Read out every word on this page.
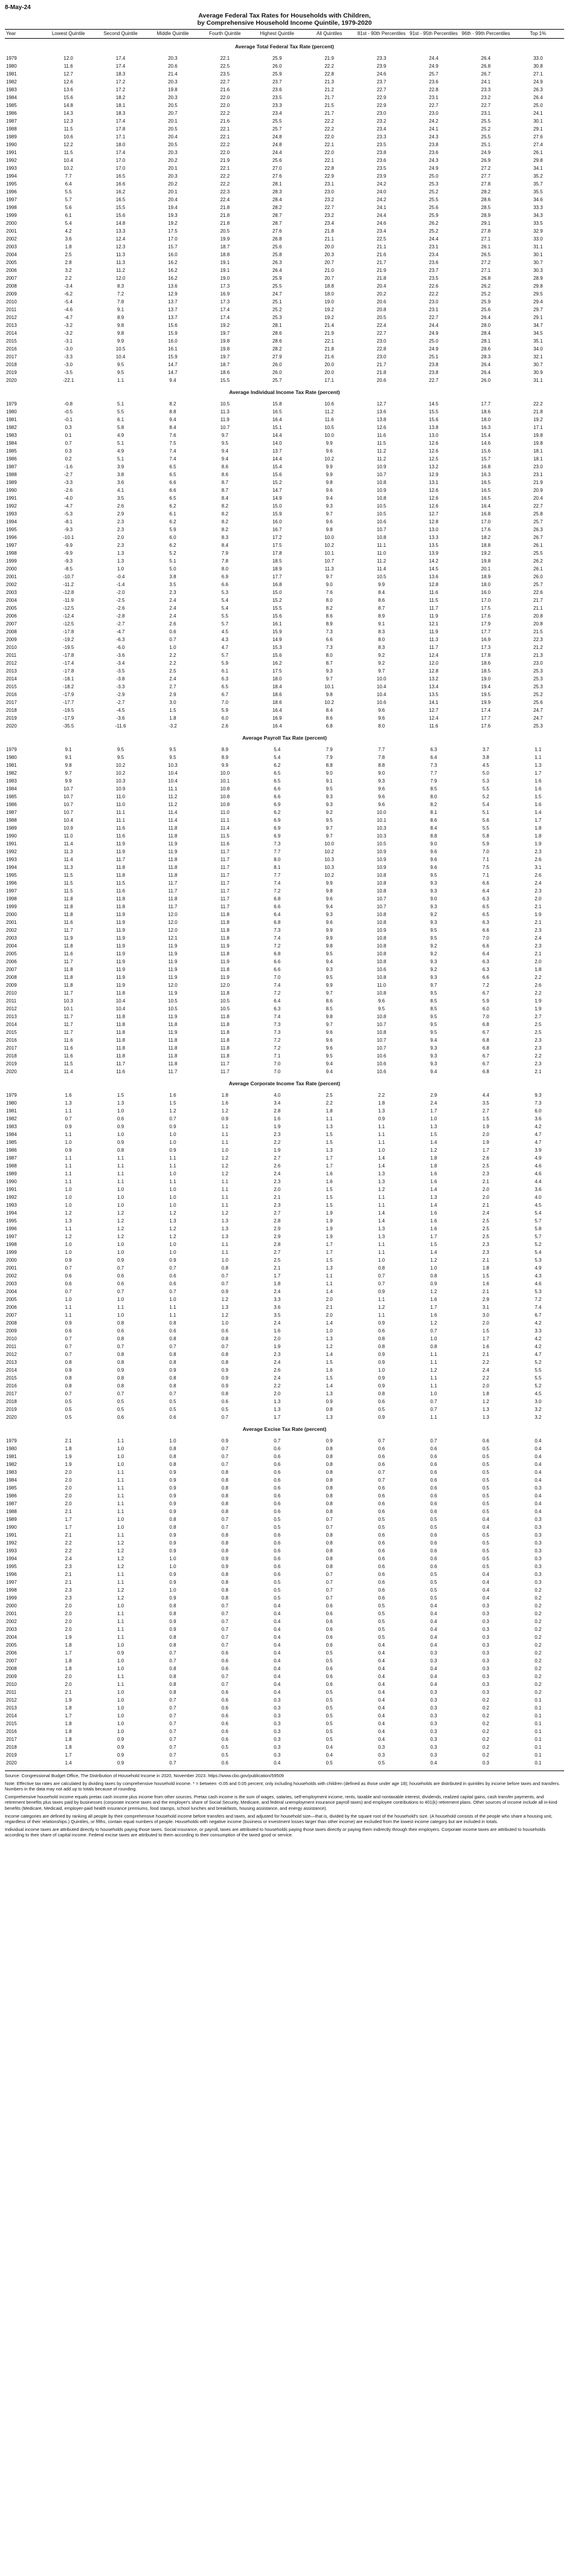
8-May-24
Average Federal Tax Rates for Households with Children,
by Comprehensive Household Income Quintile, 1979-2020
Year	Lowest Quintile	Second Quintile	Middle Quintile	Fourth Quintile	Highest Quintile	All Quintiles	81st - 90th Percentiles	91st - 95th Percentiles	96th - 99th Percentiles	Top 1%
Average Total Federal Tax Rate (percent)										
1979	12.0	17.4	20.3	22.1	25.9	21.9	23.3	24.4	26.4	33.0
1980	11.6	17.4	20.6	22.5	26.0	22.2	23.9	24.9	26.8	30.8
1981	12.7	18.3	21.4	23.5	25.9	22.8	24.6	25.7	26.7	27.1
1982	12.6	17.2	20.3	22.7	23.7	21.3	23.7	23.6	24.1	24.9
1983	13.6	17.2	19.8	21.6	23.6	21.2	22.7	22.8	23.3	26.3
1984	15.6	18.2	20.3	22.0	23.5	21.7	22.9	23.1	23.2	26.4
1985	14.8	18.1	20.5	22.0	23.3	21.5	22.9	22.7	22.7	25.0
1986	14.3	18.3	20.7	22.2	23.4	21.7	23.0	23.0	23.1	24.1
1987	12.3	17.4	20.1	21.6	25.5	22.2	23.2	24.2	25.5	30.1
1988	11.5	17.8	20.5	22.1	25.7	22.2	23.4	24.1	25.2	29.1
1989	10.6	17.1	20.4	22.1	24.8	22.0	23.3	24.3	25.5	27.6
1990	12.2	18.0	20.5	22.2	24.8	22.1	23.5	23.8	25.1	27.4
1991	11.5	17.4	20.3	22.0	24.4	22.0	23.8	23.6	24.9	26.1
1992	10.4	17.0	20.2	21.9	25.6	22.1	23.6	24.3	26.9	29.8
1993	10.2	17.0	20.1	22.1	27.0	22.8	23.5	24.9	27.2	34.1
1994	7.7	16.5	20.3	22.2	27.6	22.9	23.9	25.0	27.7	35.2
1995	6.4	16.6	20.2	22.2	28.1	23.1	24.2	25.3	27.8	35.7
1996	5.5	16.2	20.1	22.3	28.3	23.0	24.0	25.2	28.2	35.5
1997	5.7	16.5	20.4	22.4	28.4	23.2	24.2	25.5	28.6	34.6
1998	5.6	15.5	19.4	21.8	28.2	22.7	24.1	25.6	28.5	33.3
1999	6.1	15.6	19.3	21.8	28.7	23.2	24.4	25.9	28.9	34.3
2000	5.4	14.8	19.2	21.8	28.7	23.4	24.6	26.2	29.1	33.5
2001	4.2	13.3	17.5	20.5	27.6	21.8	23.4	25.2	27.8	32.9
2002	3.6	12.4	17.0	19.9	26.8	21.1	22.5	24.4	27.1	33.0
2003	1.8	12.3	15.7	18.7	25.6	20.0	21.1	23.1	26.1	31.1
2004	2.5	11.3	16.0	18.8	25.8	20.3	21.6	23.4	26.5	30.1
2005	2.8	11.3	16.2	19.1	26.3	20.7	21.7	23.6	27.2	30.7
2006	3.2	11.2	16.2	19.1	26.4	21.0	21.9	23.7	27.1	30.3
2007	2.2	12.0	16.2	19.0	25.9	20.7	21.8	23.5	26.8	28.9
2008	-3.4	8.3	13.6	17.3	25.5	18.8	20.4	22.6	26.2	29.8
2009	-6.2	7.2	12.9	16.9	24.7	18.0	20.2	22.2	25.2	29.5
2010	-5.4	7.8	13.7	17.3	25.1	19.0	20.6	23.0	25.9	29.4
2011	-4.6	9.1	13.7	17.4	25.2	19.2	20.8	23.1	25.6	29.7
2012	-4.7	8.9	13.7	17.4	25.3	19.2	20.5	22.7	26.4	29.1
2013	-3.2	9.8	15.6	19.2	28.1	21.4	22.4	24.4	28.0	34.7
2014	-3.2	9.8	15.9	19.7	28.6	21.9	22.7	24.9	28.4	34.5
2015	-3.1	9.9	16.0	19.8	28.6	22.1	23.0	25.0	28.1	35.1
2016	-3.0	10.5	16.1	19.8	28.2	21.8	22.8	24.9	28.6	34.0
2017	-3.3	10.4	15.9	19.7	27.9	21.6	23.0	25.1	28.3	32.1
2018	-3.0	9.5	14.7	18.7	26.0	20.0	21.7	23.8	26.4	30.7
2019	-3.5	9.5	14.7	18.6	26.0	20.0	21.8	23.8	26.4	30.9
2020	-22.1	1.1	9.4	15.5	25.7	17.1	20.6	22.7	26.0	31.1
Average Individual Income Tax Rate (percent)										
1979	-0.8	5.1	8.2	10.5	15.8	10.6	12.7	14.5	17.7	22.2
1980	-0.5	5.5	8.8	11.3	16.5	11.2	13.6	15.5	18.6	21.8
1981	-0.1	6.1	9.4	11.9	16.4	11.6	13.8	15.6	18.0	19.2
1982	0.3	5.8	8.4	10.7	15.1	10.5	12.6	13.8	16.3	17.1
1983	0.1	4.9	7.6	9.7	14.4	10.0	11.6	13.0	15.4	19.8
1984	0.7	5.1	7.5	9.5	14.0	9.9	11.5	12.6	14.6	19.8
1985	0.3	4.9	7.4	9.4	13.7	9.6	11.2	12.6	15.6	18.1
1986	0.2	5.1	7.4	9.4	14.4	10.2	11.2	12.5	15.7	18.1
1987	-1.6	3.9	6.5	8.6	15.4	9.9	10.9	13.2	16.8	23.0
1988	-2.7	3.8	6.5	8.6	15.6	9.9	10.7	12.9	16.3	23.1
1989	-3.3	3.6	6.6	8.7	15.2	9.8	10.8	13.1	16.5	21.9
1990	-2.6	4.1	6.6	8.7	14.7	9.6	10.9	12.6	16.5	20.9
1991	-4.0	3.5	6.5	8.4	14.9	9.4	10.8	12.6	16.5	20.4
1992	-4.7	2.6	6.2	8.2	15.0	9.3	10.5	12.6	16.4	22.7
1993	-5.3	2.9	6.1	8.2	15.9	9.7	10.5	12.7	16.8	25.8
1994	-8.1	2.3	6.2	8.2	16.0	9.6	10.6	12.8	17.0	25.7
1995	-9.3	2.3	5.9	8.2	16.7	9.8	10.7	13.0	17.6	26.3
1996	-10.1	2.0	6.0	8.3	17.2	10.0	10.8	13.3	18.2	26.7
1997	-9.9	2.3	6.2	8.4	17.5	10.2	11.1	13.5	18.8	26.1
1998	-9.9	1.3	5.2	7.9	17.8	10.1	11.0	13.9	19.2	25.5
1999	-9.3	1.3	5.1	7.8	18.5	10.7	11.2	14.2	19.8	26.2
2000	-8.5	1.0	5.0	8.0	18.9	11.3	11.4	14.5	20.1	26.1
2001	-10.7	-0.4	3.8	6.9	17.7	9.7	10.5	13.6	18.9	26.0
2002	-11.2	-1.4	3.5	6.6	16.8	9.0	9.9	12.8	18.0	25.7
2003	-12.8	-2.0	2.3	5.3	15.0	7.6	8.4	11.6	16.0	22.6
2004	-11.9	-2.5	2.4	5.4	15.2	8.0	8.6	11.5	17.0	21.7
2005	-12.5	-2.6	2.4	5.4	15.5	8.2	8.7	11.7	17.5	21.1
2006	-12.4	-2.8	2.4	5.5	15.6	8.6	8.9	11.9	17.6	20.8
2007	-12.5	-2.7	2.6	5.7	16.1	8.9	9.1	12.1	17.9	20.8
2008	-17.8	-4.7	0.6	4.5	15.9	7.3	8.3	11.9	17.7	21.5
2009	-19.2	-6.3	0.7	4.3	14.9	6.6	8.0	11.3	16.9	22.3
2010	-19.5	-6.0	1.0	4.7	15.3	7.3	8.3	11.7	17.3	21.2
2011	-17.8	-3.6	2.2	5.7	15.6	8.0	9.2	12.4	17.8	21.3
2012	-17.4	-3.4	2.2	5.9	16.2	8.7	9.2	12.0	18.6	23.0
2013	-17.8	-3.5	2.5	6.1	17.5	9.3	9.7	12.8	18.5	25.3
2014	-18.1	-3.8	2.4	6.3	18.0	9.7	10.0	13.2	19.0	25.3
2015	-18.2	-3.3	2.7	6.5	18.4	10.1	10.4	13.4	19.4	25.3
2016	-17.9	-2.9	2.9	6.7	18.6	9.8	10.4	13.5	19.5	25.2
2017	-17.7	-2.7	3.0	7.0	18.6	10.2	10.6	14.1	19.9	25.6
2018	-19.5	-4.5	1.5	5.9	16.4	8.4	9.6	12.7	17.4	24.7
2019	-17.9	-3.6	1.8	6.0	16.9	8.6	9.6	12.4	17.7	24.7
2020	-35.5	-11.6	-3.2	2.6	16.4	6.8	8.0	11.6	17.6	25.3
Average Payroll Tax Rate (percent)										
1979	9.1	9.5	9.5	8.9	5.4	7.9	7.7	6.3	3.7	1.1
1980	9.1	9.5	9.5	8.9	5.4	7.9	7.8	6.4	3.8	1.1
1981	9.8	10.2	10.3	9.9	6.2	8.8	8.8	7.3	4.5	1.3
1982	9.7	10.2	10.4	10.0	6.5	9.0	9.0	7.7	5.0	1.7
1983	9.9	10.3	10.4	10.1	6.5	9.1	9.3	7.9	5.3	1.6
1984	10.7	10.9	11.1	10.8	6.6	9.5	9.6	8.5	5.5	1.6
1985	10.7	11.0	11.2	10.8	6.6	9.3	9.6	8.0	5.2	1.5
1986	10.7	11.0	11.2	10.8	6.9	9.3	9.6	8.2	5.4	1.6
1987	10.7	11.1	11.4	11.0	6.2	9.2	10.0	8.1	5.1	1.4
1988	10.4	11.1	11.4	11.1	6.9	9.5	10.1	8.6	5.6	1.7
1989	10.9	11.6	11.8	11.4	6.9	9.7	10.3	8.4	5.5	1.8
1990	11.0	11.6	11.8	11.5	6.9	9.7	10.3	8.8	5.8	1.8
1991	11.4	11.9	11.9	11.6	7.3	10.0	10.5	9.0	5.9	1.9
1992	11.3	11.9	11.9	11.7	7.7	10.2	10.9	9.6	7.0	2.3
1993	11.4	11.7	11.8	11.7	8.0	10.3	10.9	9.6	7.1	2.6
1994	11.3	11.8	11.8	11.7	8.1	10.3	10.9	9.6	7.5	3.1
1995	11.5	11.8	11.8	11.7	7.7	10.2	10.8	9.5	7.1	2.6
1996	11.5	11.5	11.7	11.7	7.4	9.9	10.8	9.3	6.6	2.4
1997	11.5	11.6	11.7	11.7	7.2	9.8	10.8	9.3	6.4	2.3
1998	11.8	11.8	11.8	11.7	6.8	9.6	10.7	9.0	6.3	2.0
1999	11.8	11.8	11.7	11.7	6.6	9.4	10.7	9.3	6.5	2.1
2000	11.8	11.9	12.0	11.8	6.4	9.3	10.8	9.2	6.5	1.9
2001	11.6	11.9	12.0	11.8	6.8	9.6	10.8	9.3	6.3	2.1
2002	11.7	11.9	12.0	11.8	7.3	9.9	10.9	9.5	6.6	2.3
2003	11.9	11.9	12.1	11.8	7.4	9.9	10.8	9.5	7.0	2.4
2004	11.8	11.9	11.9	11.9	7.2	9.8	10.8	9.2	6.6	2.3
2005	11.6	11.9	11.9	11.8	6.8	9.5	10.8	9.2	6.4	2.1
2006	11.7	11.9	11.9	11.9	6.6	9.4	10.8	9.3	6.3	2.0
2007	11.8	11.9	11.9	11.8	6.6	9.3	10.6	9.2	6.3	1.8
2008	11.8	11.9	11.9	11.9	7.0	9.5	10.8	9.3	6.6	2.2
2009	11.8	11.9	12.0	12.0	7.4	9.9	11.0	9.7	7.2	2.6
2010	11.7	11.8	11.9	11.8	7.2	9.7	10.8	9.5	6.7	2.2
2011	10.3	10.4	10.5	10.5	6.4	8.6	9.6	8.5	5.9	1.9
2012	10.1	10.4	10.5	10.5	6.3	8.5	9.5	8.5	6.0	1.9
2013	11.7	11.8	11.9	11.8	7.4	9.8	10.8	9.5	7.0	2.7
2014	11.7	11.8	11.8	11.8	7.3	9.7	10.7	9.5	6.8	2.5
2015	11.7	11.8	11.9	11.8	7.3	9.6	10.8	9.5	6.7	2.5
2016	11.6	11.8	11.8	11.8	7.2	9.6	10.7	9.4	6.8	2.3
2017	11.6	11.8	11.8	11.8	7.2	9.6	10.7	9.3	6.8	2.3
2018	11.6	11.8	11.8	11.8	7.1	9.5	10.6	9.3	6.7	2.2
2019	11.5	11.7	11.8	11.7	7.0	9.4	10.6	9.3	6.7	2.3
2020	11.4	11.6	11.7	11.7	7.0	9.4	10.6	9.4	6.8	2.1
Average Corporate Income Tax Rate (percent)										
1979	1.6	1.5	1.6	1.8	4.0	2.5	2.2	2.9	4.4	9.3
1980	1.3	1.3	1.5	1.6	3.4	2.2	1.8	2.4	3.5	7.3
1981	1.1	1.0	1.2	1.2	2.8	1.8	1.3	1.7	2.7	6.0
1982	0.7	0.6	0.7	0.9	1.6	1.1	0.9	1.0	1.5	3.6
1983	0.9	0.9	0.9	1.1	1.9	1.3	1.1	1.3	1.9	4.2
1984	1.1	1.0	1.0	1.1	2.3	1.5	1.1	1.5	2.0	4.7
1985	1.0	0.9	1.0	1.1	2.2	1.5	1.1	1.4	1.9	4.7
1986	0.9	0.8	0.9	1.0	1.9	1.3	1.0	1.2	1.7	3.9
1987	1.1	1.1	1.1	1.2	2.7	1.7	1.4	1.8	2.6	4.9
1988	1.1	1.1	1.1	1.2	2.6	1.7	1.4	1.8	2.5	4.6
1989	1.1	1.1	1.0	1.2	2.4	1.6	1.3	1.6	2.3	4.6
1990	1.1	1.1	1.1	1.1	2.3	1.6	1.3	1.6	2.1	4.4
1991	1.0	1.0	1.0	1.1	2.0	1.5	1.2	1.4	2.0	3.6
1992	1.0	1.0	1.0	1.1	2.1	1.5	1.1	1.3	2.0	4.0
1993	1.0	1.0	1.0	1.1	2.3	1.5	1.1	1.4	2.1	4.5
1994	1.2	1.2	1.2	1.2	2.7	1.9	1.4	1.6	2.4	5.4
1995	1.3	1.2	1.3	1.3	2.8	1.9	1.4	1.6	2.5	5.7
1996	1.1	1.2	1.2	1.3	2.9	1.9	1.3	1.6	2.5	5.8
1997	1.2	1.2	1.2	1.3	2.9	1.9	1.3	1.7	2.5	5.7
1998	1.0	1.0	1.0	1.1	2.8	1.7	1.1	1.5	2.3	5.2
1999	1.0	1.0	1.0	1.1	2.7	1.7	1.1	1.4	2.3	5.4
2000	0.9	0.9	0.9	1.0	2.5	1.5	1.0	1.2	2.1	5.3
2001	0.7	0.7	0.7	0.8	2.1	1.3	0.8	1.0	1.8	4.9
2002	0.6	0.6	0.6	0.7	1.7	1.1	0.7	0.8	1.5	4.3
2003	0.6	0.6	0.6	0.7	1.8	1.1	0.7	0.9	1.6	4.6
2004	0.7	0.7	0.7	0.9	2.4	1.4	0.9	1.2	2.1	5.3
2005	1.0	1.0	1.0	1.2	3.3	2.0	1.1	1.6	2.9	7.2
2006	1.1	1.1	1.1	1.3	3.6	2.1	1.2	1.7	3.1	7.4
2007	1.1	1.0	1.1	1.2	3.5	2.0	1.1	1.6	3.0	6.7
2008	0.9	0.8	0.8	1.0	2.4	1.4	0.9	1.2	2.0	4.2
2009	0.6	0.6	0.6	0.6	1.6	1.0	0.6	0.7	1.5	3.3
2010	0.7	0.8	0.8	0.8	2.0	1.3	0.8	1.0	1.7	4.2
2011	0.7	0.7	0.7	0.7	1.9	1.2	0.8	0.8	1.6	4.2
2012	0.7	0.8	0.8	0.8	2.3	1.4	0.9	1.1	2.1	4.7
2013	0.8	0.8	0.8	0.8	2.4	1.5	0.9	1.1	2.2	5.2
2014	0.9	0.9	0.9	0.9	2.6	1.6	1.0	1.2	2.4	5.5
2015	0.8	0.8	0.8	0.9	2.4	1.5	0.9	1.1	2.2	5.5
2016	0.8	0.8	0.8	0.9	2.2	1.4	0.9	1.1	2.0	5.2
2017	0.7	0.7	0.7	0.8	2.0	1.3	0.8	1.0	1.8	4.5
2018	0.5	0.5	0.5	0.6	1.3	0.9	0.6	0.7	1.2	3.0
2019	0.5	0.5	0.5	0.5	1.3	0.8	0.5	0.7	1.3	3.2
2020	0.5	0.6	0.6	0.7	1.7	1.3	0.9	1.1	1.3	3.2
Average Excise Tax Rate (percent)										
1979	2.1	1.1	1.0	0.9	0.7	0.9	0.7	0.7	0.6	0.4
1980	1.8	1.0	0.8	0.7	0.6	0.8	0.6	0.6	0.5	0.4
1981	1.9	1.0	0.8	0.7	0.6	0.8	0.6	0.6	0.5	0.4
1982	1.9	1.0	0.8	0.7	0.6	0.8	0.6	0.6	0.5	0.4
1983	2.0	1.1	0.9	0.8	0.6	0.8	0.7	0.6	0.5	0.4
1984	2.0	1.1	0.9	0.8	0.6	0.8	0.7	0.6	0.5	0.4
1985	2.0	1.1	0.9	0.8	0.6	0.8	0.6	0.6	0.5	0.3
1986	2.0	1.1	0.9	0.8	0.6	0.8	0.6	0.6	0.5	0.4
1987	2.0	1.1	0.9	0.8	0.6	0.8	0.6	0.6	0.5	0.4
1988	2.1	1.1	0.9	0.8	0.6	0.8	0.6	0.6	0.5	0.4
1989	1.7	1.0	0.8	0.7	0.5	0.7	0.5	0.5	0.4	0.3
1990	1.7	1.0	0.8	0.7	0.5	0.7	0.5	0.5	0.4	0.3
1991	2.1	1.1	0.9	0.8	0.6	0.8	0.6	0.6	0.5	0.3
1992	2.2	1.2	0.9	0.8	0.6	0.8	0.6	0.6	0.5	0.3
1993	2.2	1.2	0.9	0.8	0.6	0.8	0.6	0.6	0.5	0.3
1994	2.4	1.2	1.0	0.9	0.6	0.8	0.6	0.6	0.5	0.3
1995	2.3	1.2	1.0	0.9	0.6	0.8	0.6	0.6	0.5	0.3
1996	2.1	1.1	0.9	0.8	0.6	0.7	0.6	0.5	0.4	0.3
1997	2.1	1.1	0.9	0.8	0.5	0.7	0.6	0.5	0.4	0.3
1998	2.3	1.2	1.0	0.8	0.5	0.7	0.6	0.5	0.4	0.2
1999	2.3	1.2	0.9	0.8	0.5	0.7	0.6	0.5	0.4	0.2
2000	2.0	1.0	0.8	0.7	0.4	0.6	0.5	0.4	0.3	0.2
2001	2.0	1.1	0.8	0.7	0.4	0.6	0.5	0.4	0.3	0.2
2002	2.0	1.1	0.9	0.7	0.4	0.6	0.5	0.4	0.3	0.2
2003	2.0	1.1	0.9	0.7	0.4	0.6	0.5	0.4	0.3	0.2
2004	1.9	1.1	0.8	0.7	0.4	0.6	0.5	0.4	0.3	0.2
2005	1.8	1.0	0.8	0.7	0.4	0.6	0.4	0.4	0.3	0.2
2006	1.7	0.9	0.7	0.6	0.4	0.5	0.4	0.3	0.3	0.2
2007	1.8	1.0	0.7	0.6	0.4	0.5	0.4	0.3	0.3	0.2
2008	1.8	1.0	0.8	0.6	0.4	0.6	0.4	0.4	0.3	0.2
2009	2.0	1.1	0.8	0.7	0.4	0.6	0.4	0.4	0.3	0.2
2010	2.0	1.1	0.8	0.7	0.4	0.6	0.4	0.4	0.3	0.2
2011	2.1	1.0	0.8	0.6	0.4	0.5	0.4	0.3	0.3	0.2
2012	1.9	1.0	0.7	0.6	0.3	0.5	0.4	0.3	0.2	0.1
2013	1.8	1.0	0.7	0.6	0.3	0.5	0.4	0.3	0.2	0.1
2014	1.7	1.0	0.7	0.6	0.3	0.5	0.4	0.3	0.2	0.1
2015	1.8	1.0	0.7	0.6	0.3	0.5	0.4	0.3	0.2	0.1
2016	1.8	1.0	0.7	0.6	0.3	0.5	0.4	0.3	0.2	0.1
2017	1.8	0.9	0.7	0.6	0.3	0.5	0.4	0.3	0.2	0.1
2018	1.8	0.9	0.7	0.5	0.3	0.4	0.3	0.3	0.2	0.1
2019	1.7	0.9	0.7	0.5	0.3	0.4	0.3	0.3	0.2	0.1
2020	1.4	0.9	0.7	0.6	0.4	0.5	0.5	0.4	0.3	0.1

Source: Congressional Budget Office, The Distribution of Household Income in 2020, November 2023. https://www.cbo.gov/publication/59509

Note: Effective tax rates are calculated by dividing taxes by comprehensive household income. * = between -0.05 and 0.05 percent; only including households with children (defined as those under age 18); households are distributed in quintiles by income before taxes and transfers. Numbers in the data may not add up to totals because of rounding.

Comprehensive household income equals pretax cash income plus income from other sources. Pretax cash income is the sum of wages, salaries, self-employment income, rents, taxable and nontaxable interest, dividends, realized capital gains, cash transfer payments, and retirement benefits plus taxes paid by businesses (corporate income taxes and the employer's share of Social Security, Medicare, and federal unemployment insurance payroll taxes) and employee contributions to 401(k) retirement plans. Other sources of income include all in-kind benefits (Medicare, Medicaid, employer-paid health insurance premiums, food stamps, school lunches and breakfasts, housing assistance, and energy assistance).

Income categories are defined by ranking all people by their comprehensive household income before transfers and taxes, and adjusted for household size—that is, divided by the square root of the household's size. (A household consists of the people who share a housing unit, regardless of their relationships.) Quintiles, or fifths, contain equal numbers of people. Households with negative income (business or investment losses larger than other income) are excluded from the lowest income category but are included in totals.

Individual income taxes are attributed directly to households paying those taxes. Social insurance, or payroll, taxes are attributed to households paying those taxes directly or paying them indirectly through their employers. Corporate income taxes are attributed to households according to their share of capital income. Federal excise taxes are attributed to them according to their consumption of the taxed good or service.
